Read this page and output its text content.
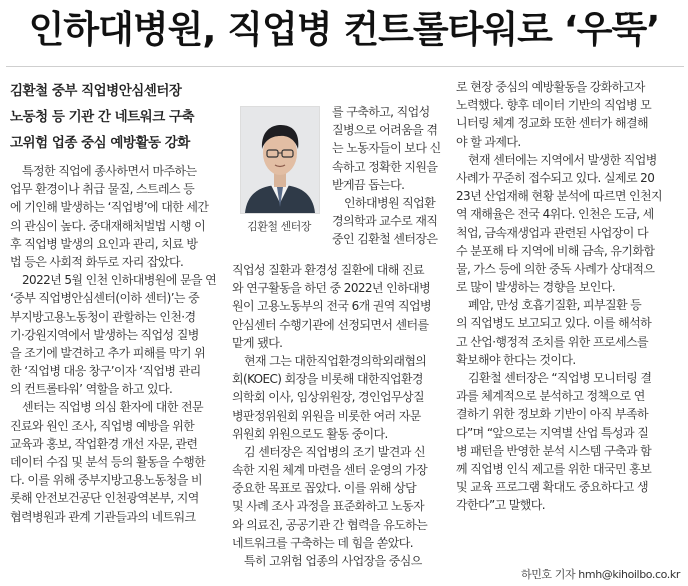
인하대병원, 직업병 컨트롤타워로 ‘우뚝’
김환철 중부 직업병안심센터장
노동청 등 기관 간 네트워크 구축
고위험 업종 중심 예방활동 강화
특정한 직업에 종사하면서 마주하는
업무 환경이나 취급 물질, 스트레스 등
에 기인해 발생하는 ‘직업병’에 대한 세간
의 관심이 높다. 중대재해처벌법 시행 이
후 직업병 발생의 요인과 관리, 치료 방
법 등은 사회적 화두로 자리 잡았다.
2022년 5월 인천 인하대병원에 문을 연
‘중부 직업병안심센터(이하 센터)’는 중
부지방고용노동청이 관할하는 인천·경
기·강원지역에서 발생하는 직업성 질병
을 조기에 발견하고 추가 피해를 막기 위
한 ‘직업병 대응 창구’이자 ‘직업병 관리
의 컨트롤타워’ 역할을 하고 있다.
센터는 직업병 의심 환자에 대한 전문
진료와 원인 조사, 직업병 예방을 위한
교육과 홍보, 작업환경 개선 자문, 관련
데이터 수집 및 분석 등의 활동을 수행한
다. 이를 위해 중부지방고용노동청을 비
롯해 안전보건공단 인천광역본부, 지역
협력병원과 관계 기관들과의 네트워크
김환철 센터장
를 구축하고, 직업성
질병으로 어려움을 겪
는 노동자들이 보다 신
속하고 정확한 지원을
받게끔 돕는다.
인하대병원 직업환
경의학과 교수로 재직
중인 김환철 센터장은
직업성 질환과 환경성 질환에 대해 진료
와 연구활동을 하던 중 2022년 인하대병
원이 고용노동부의 전국 6개 권역 직업병
안심센터 수행기관에 선정되면서 센터를
맡게 됐다.
현재 그는 대한직업환경의학외래협의
회(KOEC) 회장을 비롯해 대한직업환경
의학회 이사, 임상위원장, 경인업무상질
병판정위원회 위원을 비롯한 여러 자문
위원회 위원으로도 활동 중이다.
김 센터장은 직업병의 조기 발견과 신
속한 지원 체계 마련을 센터 운영의 가장
중요한 목표로 꼽았다. 이를 위해 상담
및 사례 조사 과정을 표준화하고 노동자
와 의료진, 공공기관 간 협력을 유도하는
네트워크를 구축하는 데 힘을 쏟았다.
특히 고위험 업종의 사업장을 중심으
로 현장 중심의 예방활동을 강화하고자
노력했다. 향후 데이터 기반의 직업병 모
니터링 체계 정교화 또한 센터가 해결해
야 할 과제다.
현재 센터에는 지역에서 발생한 직업병
사례가 꾸준히 접수되고 있다. 실제로 20
23년 산업재해 현황 분석에 따르면 인천지
역 재해율은 전국 4위다. 인천은 도금, 세
척업, 금속재생업과 관련된 사업장이 다
수 분포해 타 지역에 비해 금속, 유기화합
물, 가스 등에 의한 중독 사례가 상대적으
로 많이 발생하는 경향을 보인다.
폐암, 만성 호흡기질환, 피부질환 등
의 직업병도 보고되고 있다. 이를 해석하
고 산업·행정적 조치를 위한 프로세스를
확보해야 한다는 것이다.
김환철 센터장은 “직업병 모니터링 결
과를 체계적으로 분석하고 정책으로 연
결하기 위한 정보화 기반이 아직 부족하
다”며 “앞으로는 지역별 산업 특성과 질
병 패턴을 반영한 분석 시스템 구축과 함
께 직업병 인식 제고를 위한 대국민 홍보
및 교육 프로그램 확대도 중요하다고 생
각한다”고 말했다.
하민호 기자 hmh@kihoilbo.co.kr
